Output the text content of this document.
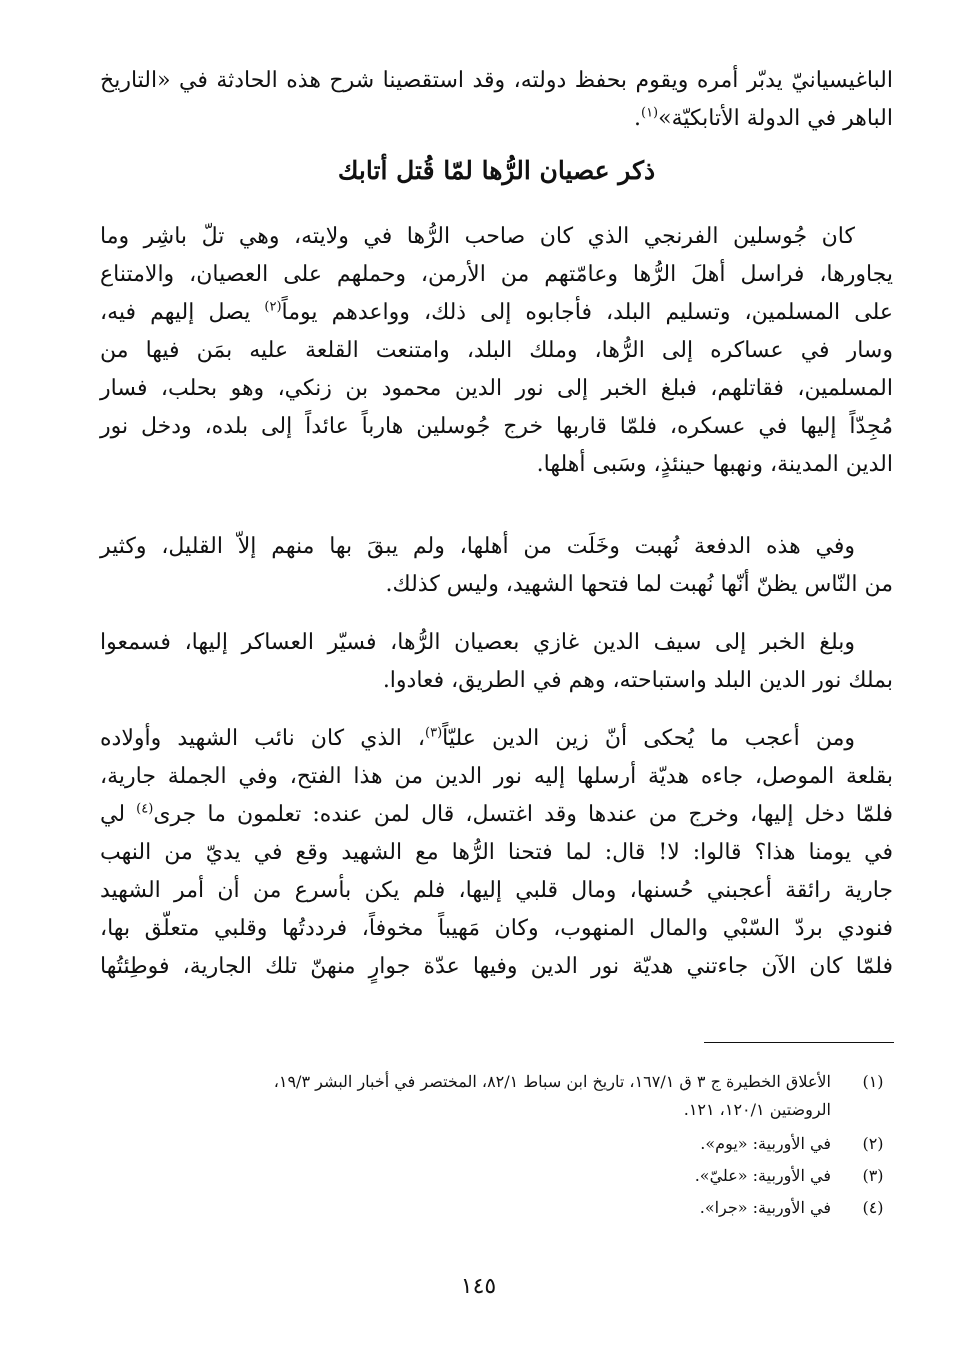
الباغيسيانيّ يدبّر أمره ويقوم بحفظ دولته، وقد استقصينا شرح هذه الحادثة في «التاريخ
الباهر في الدولة الأتابكيّة»$^{(١)}$.
ذكر عصيان الرُّها لمّا قُتل أتابك
كان جُوسلين الفرنجي الذي كان صاحب الرُّها في ولايته، وهي تلّ باشِر وما
يجاورها، فراسل أهلَ الرُّها وعامّتهم من الأرمن، وحملهم على العصيان، والامتناع
على المسلمين، وتسليم البلد، فأجابوه إلى ذلك، وواعدهم يوماً$^{(٢)}$ يصل إليهم فيه،
وسار في عساكره إلى الرُّها، وملك البلد، وامتنعت القلعة عليه بمَن فيها من
المسلمين، فقاتلهم، فبلغ الخبر إلى نور الدين محمود بن زنكي، وهو بحلب، فسار
مُجِدّاً إليها في عسكره، فلمّا قاربها خرج جُوسلين هارباً عائداً إلى بلده، ودخل نور
الدين المدينة، ونهبها حينئذٍ، وسَبى أهلها.
وفي هذه الدفعة نُهبت وخَلَت من أهلها، ولم يبقَ بها منهم إلاّ القليل، وكثير
من النّاس يظنّ أنّها نُهبت لما فتحها الشهيد، وليس كذلك.
وبلغ الخبر إلى سيف الدين غازي بعصيان الرُّها، فسيّر العساكر إليها، فسمعوا
بملك نور الدين البلد واستباحته، وهم في الطريق، فعادوا.
ومن أعجب ما يُحكى أنّ زين الدين عليّاً$^{(٣)}$، الذي كان نائب الشهيد وأولاده
بقلعة الموصل، جاءه هديّة أرسلها إليه نور الدين من هذا الفتح، وفي الجملة جارية،
فلمّا دخل إليها، وخرج من عندها وقد اغتسل، قال لمن عنده: تعلمون ما جرى$^{(٤)}$ لي
في يومنا هذا؟ قالوا: لا! قال: لما فتحنا الرُّها مع الشهيد وقع في يديّ من النهب
جارية رائقة أعجبني حُسنها، ومال قلبي إليها، فلم يكن بأسرع من أن أمر الشهيد
فنودي بردّ السّبْي والمال المنهوب، وكان مَهيباً مخوفاً، فرددتُها وقلبي متعلّق بها،
فلمّا كان الآن جاءتني هديّة نور الدين وفيها عدّة جوارٍ منهنّ تلك الجارية، فوطِئتُها
(١)
الأعلاق الخطيرة ج ٣ ق ١٦٧/١، تاريخ ابن سباط ٨٢/١، المختصر في أخبار البشر ١٩/٣،
الروضتين ١٢٠/١، ١٢١.
(٢)
في الأوربية: «يوم».
(٣)
في الأوربية: «عليّ».
(٤)
في الأوربية: «جرا».
١٤٥
